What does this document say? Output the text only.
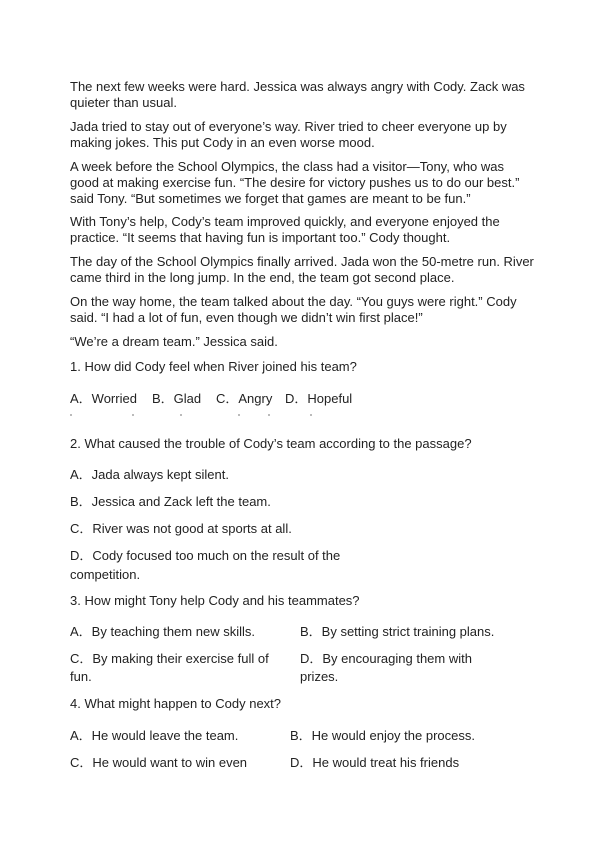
The next few weeks were hard. Jessica was always angry with Cody. Zack was
quieter than usual.
Jada tried to stay out of everyone’s way. River tried to cheer everyone up by
making jokes. This put Cody in an even worse mood.
A week before the School Olympics, the class had a visitor—Tony, who was
good at making exercise fun. “The desire for victory pushes us to do our best.”
said Tony. “But sometimes we forget that games are meant to be fun.”
With Tony’s help, Cody’s team improved quickly, and everyone enjoyed the
practice. “It seems that having fun is important too.” Cody thought.
The day of the School Olympics finally arrived. Jada won the 50-metre run. River
came third in the long jump. In the end, the team got second place.
On the way home, the team talked about the day. “You guys were right.” Cody
said. “I had a lot of fun, even though we didn’t win first place!”
“We’re a dream team.” Jessica said.
1. How did Cody feel when River joined his team?
A．Worried B．Glad C．Angry D．Hopeful
2. What caused the trouble of Cody’s team according to the passage?
A．Jada always kept silent.
B．Jessica and Zack left the team.
C．River was not good at sports at all.
D．Cody focused too much on the result of the
competition.
3. How might Tony help Cody and his teammates?
A．By teaching them new skills.	B．By setting strict training plans.
C．By making their exercise full of
fun.
D．By encouraging them with
prizes.
4. What might happen to Cody next?
A．He would leave the team.	B．He would enjoy the process.
C．He would want to win even	D．He would treat his friends
